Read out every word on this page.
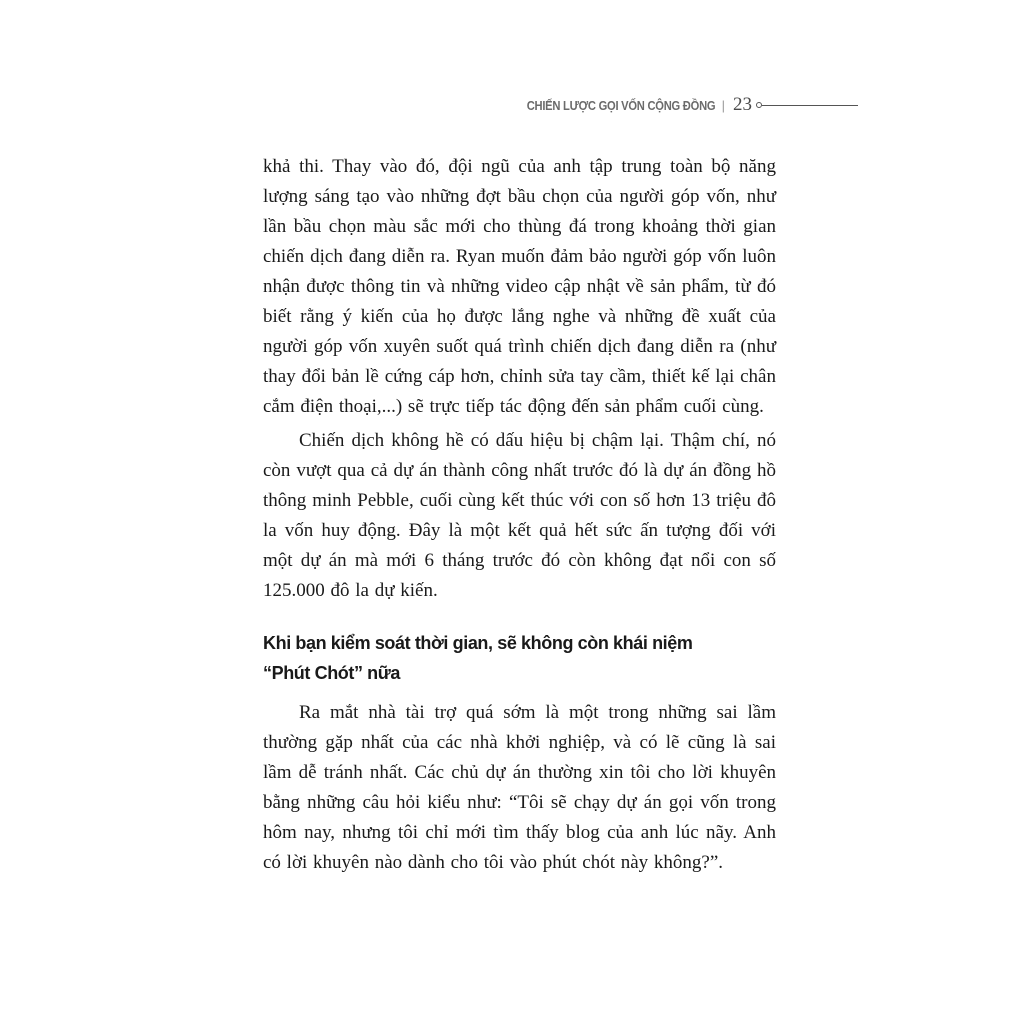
CHIẾN LƯỢC GỌI VỐN CỘNG ĐỒNG | 23

khả thi. Thay vào đó, đội ngũ của anh tập trung toàn bộ năng lượng sáng tạo vào những đợt bầu chọn của người góp vốn, như lần bầu chọn màu sắc mới cho thùng đá trong khoảng thời gian chiến dịch đang diễn ra. Ryan muốn đảm bảo người góp vốn luôn nhận được thông tin và những video cập nhật về sản phẩm, từ đó biết rằng ý kiến của họ được lắng nghe và những đề xuất của người góp vốn xuyên suốt quá trình chiến dịch đang diễn ra (như thay đổi bản lề cứng cáp hơn, chỉnh sửa tay cầm, thiết kế lại chân cắm điện thoại,...) sẽ trực tiếp tác động đến sản phẩm cuối cùng.

Chiến dịch không hề có dấu hiệu bị chậm lại. Thậm chí, nó còn vượt qua cả dự án thành công nhất trước đó là dự án đồng hồ thông minh Pebble, cuối cùng kết thúc với con số hơn 13 triệu đô la vốn huy động. Đây là một kết quả hết sức ấn tượng đối với một dự án mà mới 6 tháng trước đó còn không đạt nổi con số 125.000 đô la dự kiến.

Khi bạn kiểm soát thời gian, sẽ không còn khái niệm
“Phút Chót” nữa

Ra mắt nhà tài trợ quá sớm là một trong những sai lầm thường gặp nhất của các nhà khởi nghiệp, và có lẽ cũng là sai lầm dễ tránh nhất. Các chủ dự án thường xin tôi cho lời khuyên bằng những câu hỏi kiểu như: “Tôi sẽ chạy dự án gọi vốn trong hôm nay, nhưng tôi chỉ mới tìm thấy blog của anh lúc nãy. Anh có lời khuyên nào dành cho tôi vào phút chót này không?”.
